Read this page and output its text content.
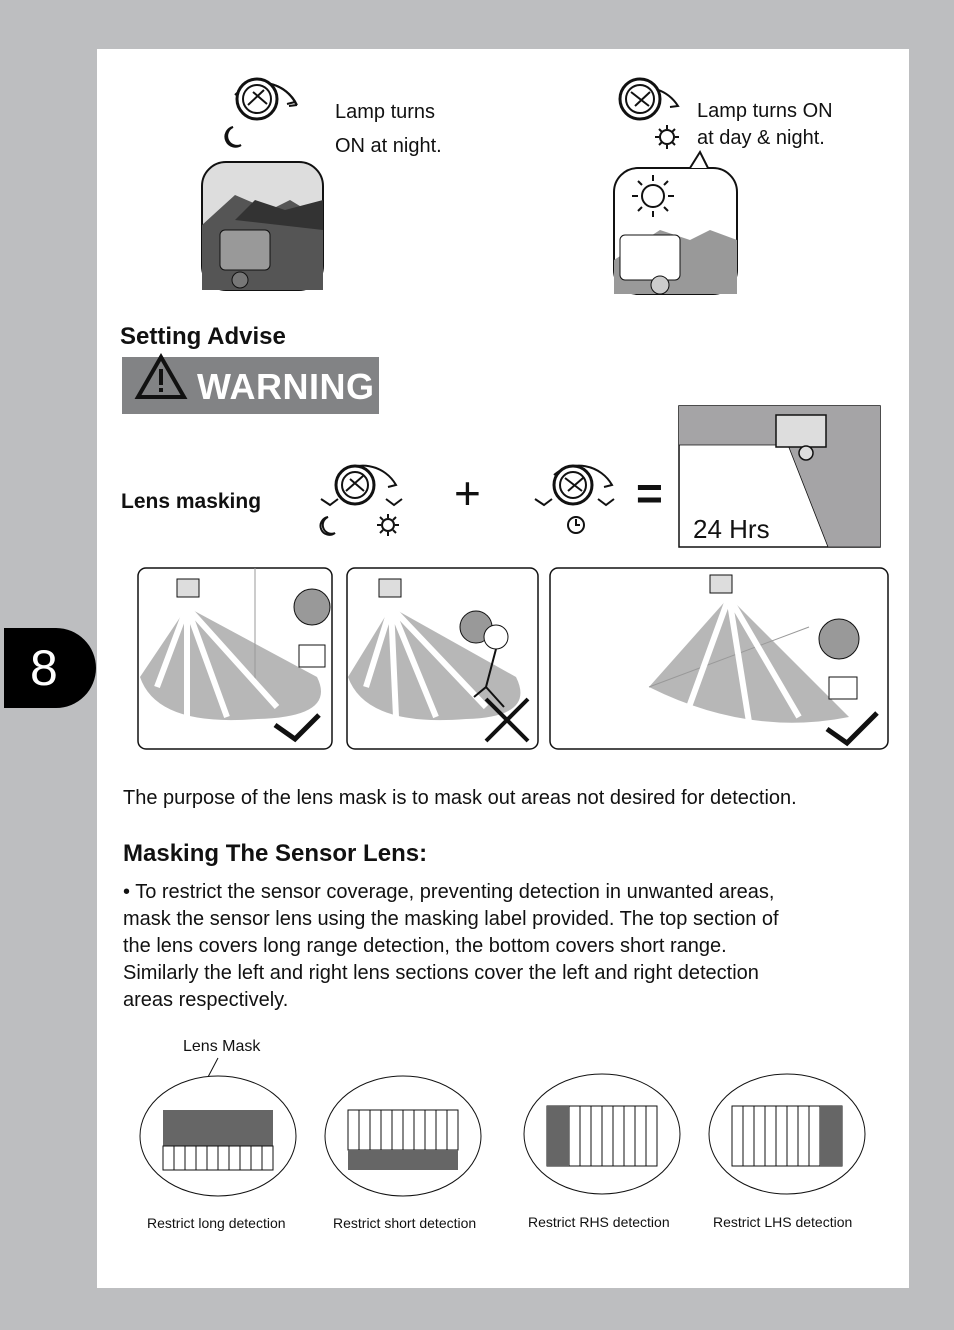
8
Lamp turns
ON at night.
Lamp turns ON
at day & night.
Setting Advise
WARNING
Lens masking	+	=
24 Hrs
The purpose of the lens mask is to mask out areas not desired for detection.
Masking The Sensor Lens:
• To restrict the sensor coverage, preventing detection in unwanted areas,
mask the sensor lens using the masking label provided. The top section of
the lens covers long range detection, the bottom covers short range.
Similarly the left and right lens sections cover the left and right detection
areas respectively.
Lens Mask
Restrict long detection	Restrict short detection	Restrict RHS detection	Restrict LHS detection
